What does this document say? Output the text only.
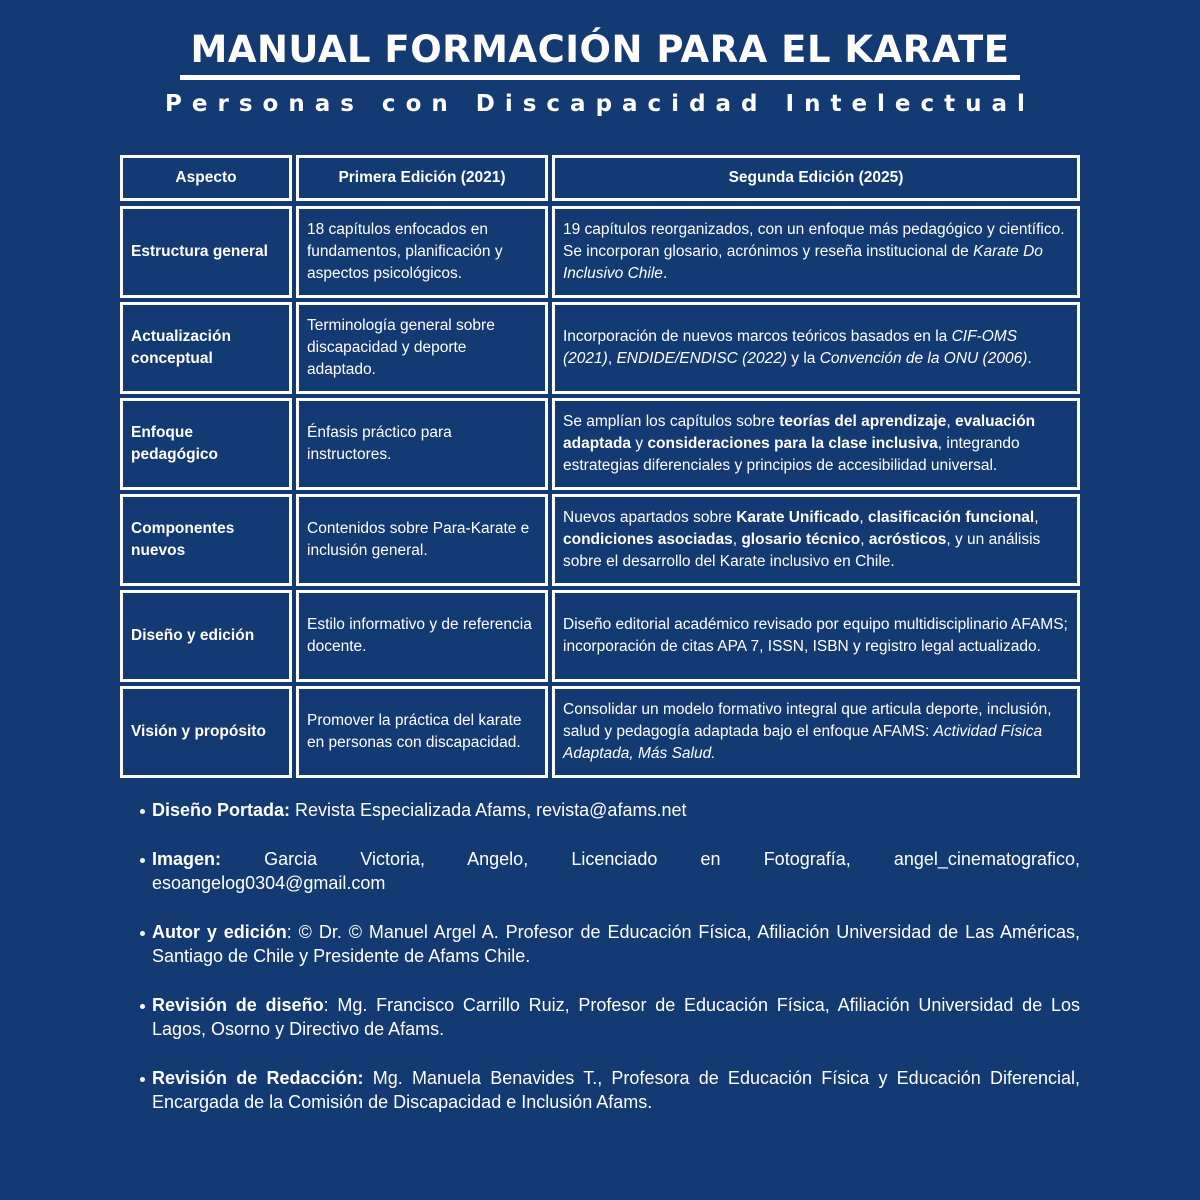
MANUAL FORMACIÓN PARA EL KARATE
Personas con Discapacidad Intelectual
Aspecto	Primera Edición (2021)	Segunda Edición (2025)
Estructura general
18 capítulos enfocados en fundamentos, planificación y aspectos psicológicos.
19 capítulos reorganizados, con un enfoque más pedagógico y científico. Se incorporan glosario, acrónimos y reseña institucional de Karate Do Inclusivo Chile.
Actualización conceptual
Terminología general sobre discapacidad y deporte adaptado.
Incorporación de nuevos marcos teóricos basados en la CIF-OMS (2021), ENDIDE/ENDISC (2022) y la Convención de la ONU (2006).
Enfoque pedagógico
Énfasis práctico para instructores.
Se amplían los capítulos sobre teorías del aprendizaje, evaluación adaptada y consideraciones para la clase inclusiva, integrando estrategias diferenciales y principios de accesibilidad universal.
Componentes nuevos
Contenidos sobre Para-Karate e inclusión general.
Nuevos apartados sobre Karate Unificado, clasificación funcional, condiciones asociadas, glosario técnico, acrósticos, y un análisis sobre el desarrollo del Karate inclusivo en Chile.
Diseño y edición
Estilo informativo y de referencia docente.
Diseño editorial académico revisado por equipo multidisciplinario AFAMS; incorporación de citas APA 7, ISSN, ISBN y registro legal actualizado.
Visión y propósito
Promover la práctica del karate en personas con discapacidad.
Consolidar un modelo formativo integral que articula deporte, inclusión, salud y pedagogía adaptada bajo el enfoque AFAMS: Actividad Física Adaptada, Más Salud.
Diseño Portada: Revista Especializada Afams, revista@afams.net
Imagen: Garcia Victoria, Angelo, Licenciado en Fotografía, angel_cinematografico,
esoangelog0304@gmail.com
Autor y edición: © Dr. © Manuel Argel A. Profesor de Educación Física, Afiliación Universidad de Las Américas, Santiago de Chile y Presidente de Afams Chile.
Revisión de diseño: Mg. Francisco Carrillo Ruiz, Profesor de Educación Física, Afiliación Universidad de Los Lagos, Osorno y Directivo de Afams.
Revisión de Redacción: Mg. Manuela Benavides T., Profesora de Educación Física y Educación Diferencial, Encargada de la Comisión de Discapacidad e Inclusión Afams.
